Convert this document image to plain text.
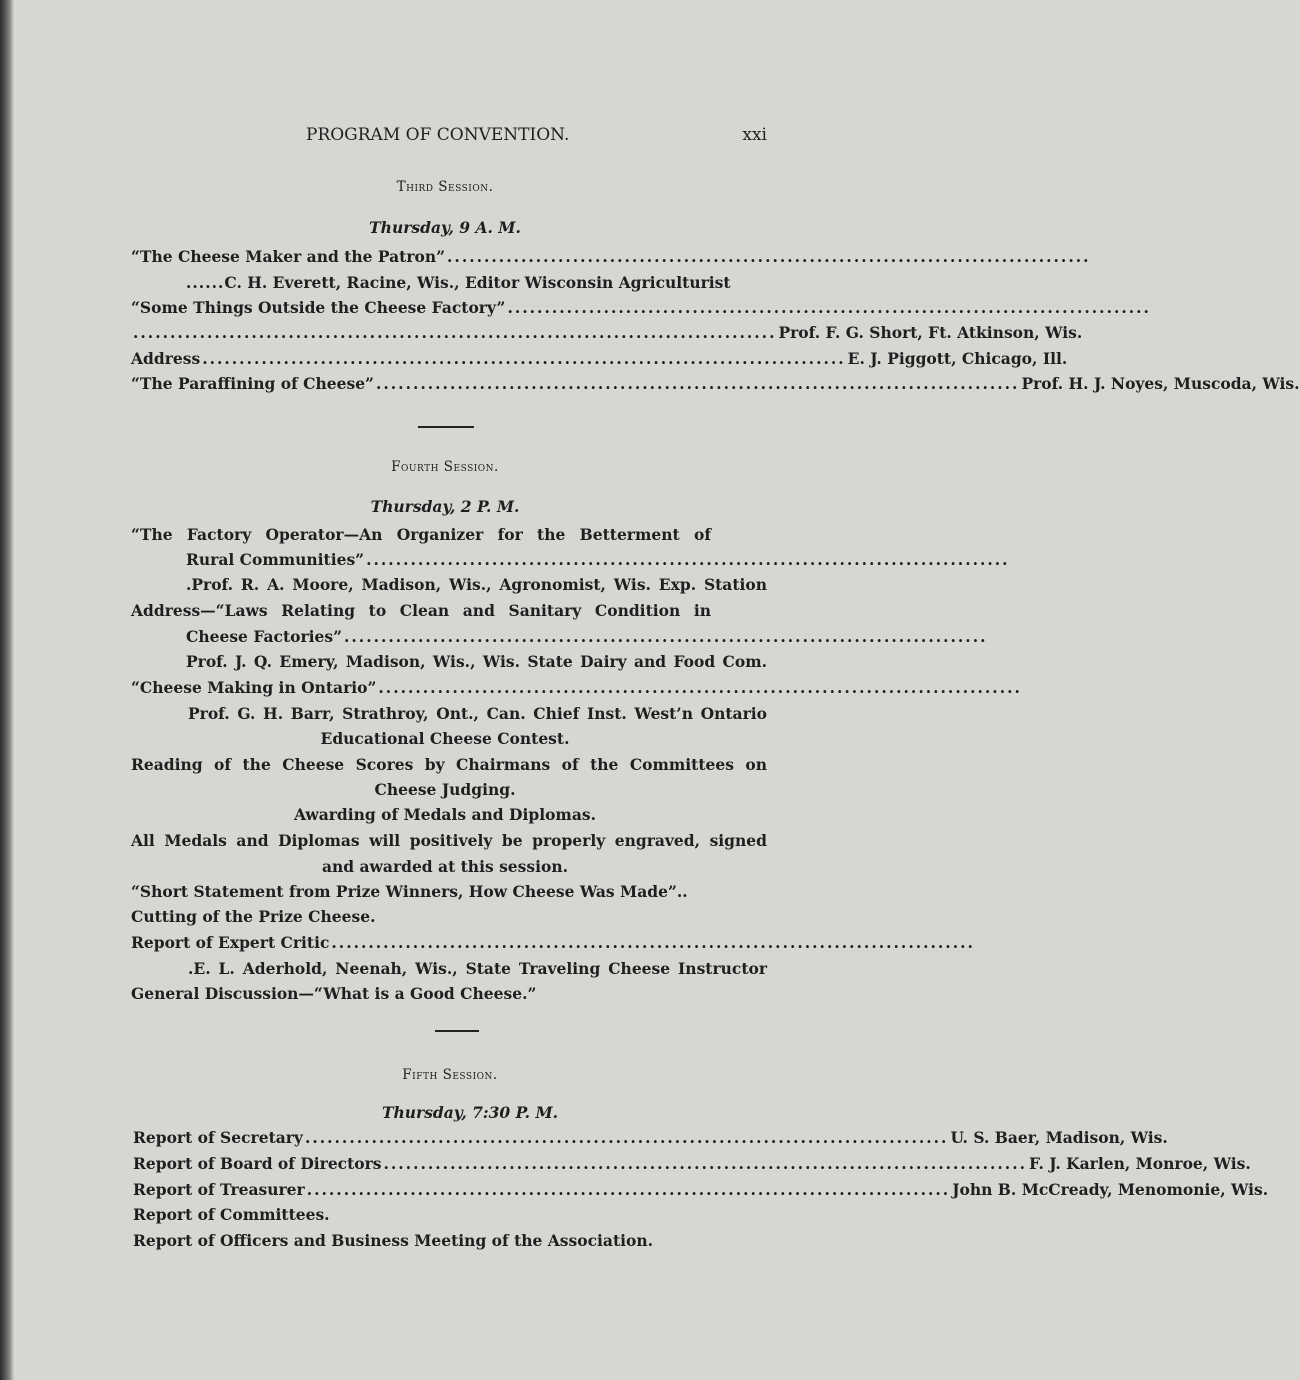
PROGRAM OF CONVENTION.	xxi
Third Session.
Thursday, 9 A. M.
“The Cheese Maker and the Patron” .......................................................................................
...... C. H. Everett, Racine, Wis., Editor Wisconsin Agriculturist
“Some Things Outside the Cheese Factory” .......................................................................................
....................................................................................... Prof. F. G. Short, Ft. Atkinson, Wis.
Address ....................................................................................... E. J. Piggott, Chicago, Ill.
“The Paraffining of Cheese” ....................................................................................... Prof. H. J. Noyes, Muscoda, Wis.
Fourth Session.
Thursday, 2 P. M.
“The Factory Operator—An Organizer for the Betterment of
Rural Communities” .......................................................................................
.Prof. R. A. Moore, Madison, Wis., Agronomist, Wis. Exp. Station
Address—“Laws Relating to Clean and Sanitary Condition in
Cheese Factories” .......................................................................................
Prof. J. Q. Emery, Madison, Wis., Wis. State Dairy and Food Com.
“Cheese Making in Ontario” .......................................................................................
Prof. G. H. Barr, Strathroy, Ont., Can. Chief Inst. West’n Ontario
Educational Cheese Contest.
Reading of the Cheese Scores by Chairmans of the Committees on
Cheese Judging.
Awarding of Medals and Diplomas.
All Medals and Diplomas will positively be properly engraved, signed
and awarded at this session.
“Short Statement from Prize Winners, How Cheese Was Made”..
Cutting of the Prize Cheese.
Report of Expert Critic .......................................................................................
.E. L. Aderhold, Neenah, Wis., State Traveling Cheese Instructor
General Discussion—“What is a Good Cheese.”
Fifth Session.
Thursday, 7:30 P. M.
Report of Secretary ....................................................................................... U. S. Baer, Madison, Wis.
Report of Board of Directors ....................................................................................... F. J. Karlen, Monroe, Wis.
Report of Treasurer ....................................................................................... John B. McCready, Menomonie, Wis.
Report of Committees.
Report of Officers and Business Meeting of the Association.
